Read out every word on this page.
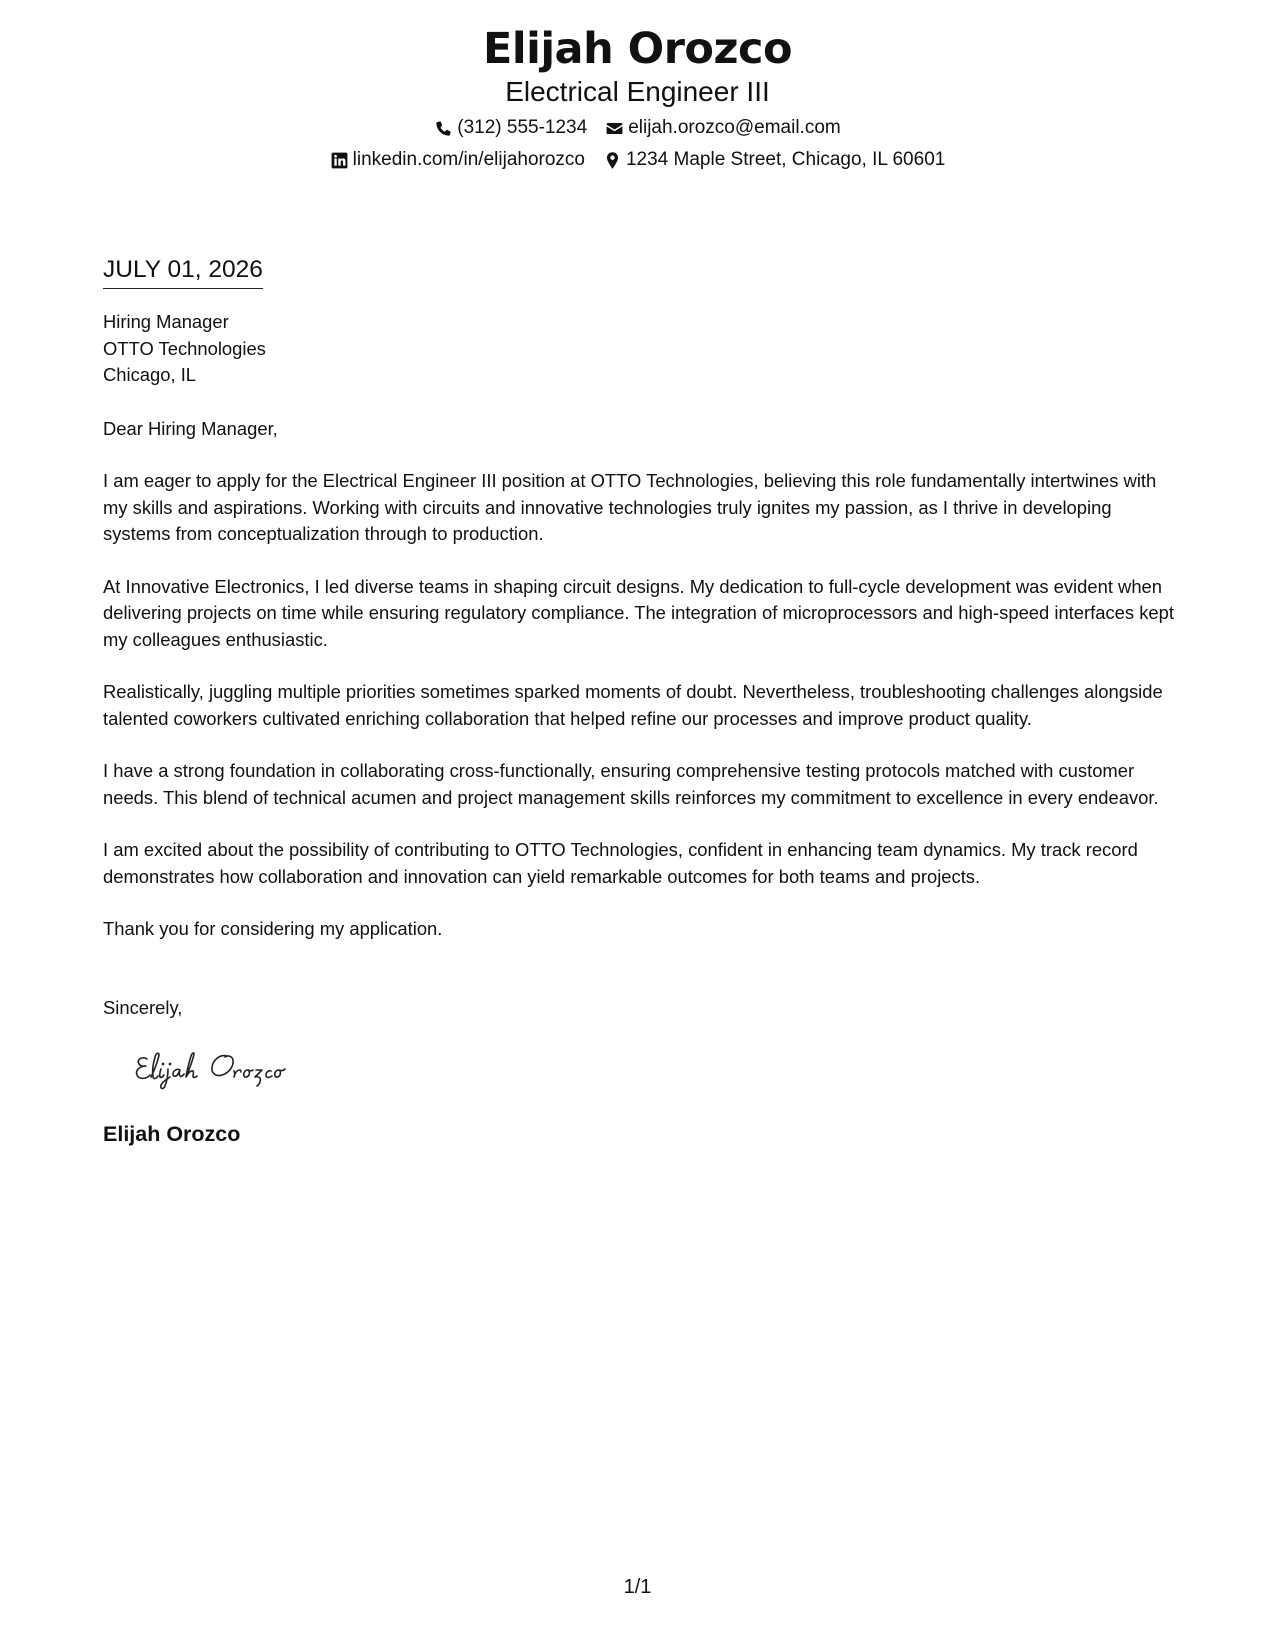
Elijah Orozco
Electrical Engineer III
(312) 555-1234 elijah.orozco@email.com
linkedin.com/in/elijahorozco 1234 Maple Street, Chicago, IL 60601
JULY 01, 2026
Hiring Manager
OTTO Technologies
Chicago, IL
Dear Hiring Manager,

I am eager to apply for the Electrical Engineer III position at OTTO Technologies, believing this role fundamentally intertwines with my skills and aspirations. Working with circuits and innovative technologies truly ignites my passion, as I thrive in developing systems from conceptualization through to production.

At Innovative Electronics, I led diverse teams in shaping circuit designs. My dedication to full-cycle development was evident when delivering projects on time while ensuring regulatory compliance. The integration of microprocessors and high-speed interfaces kept my colleagues enthusiastic.

Realistically, juggling multiple priorities sometimes sparked moments of doubt. Nevertheless, troubleshooting challenges alongside talented coworkers cultivated enriching collaboration that helped refine our processes and improve product quality.

I have a strong foundation in collaborating cross-functionally, ensuring comprehensive testing protocols matched with customer needs. This blend of technical acumen and project management skills reinforces my commitment to excellence in every endeavor.

I am excited about the possibility of contributing to OTTO Technologies, confident in enhancing team dynamics. My track record demonstrates how collaboration and innovation can yield remarkable outcomes for both teams and projects.

Thank you for considering my application.
Sincerely,
Elijah Orozco
1/1
